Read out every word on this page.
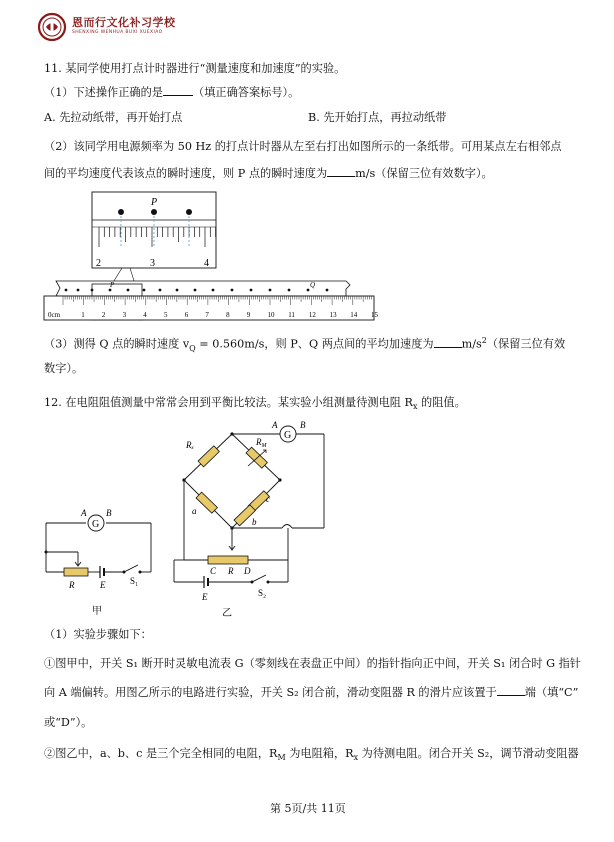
恩而行文化补习学校
SHENXING WENHUA BUXI XUEXIAO
11. 某同学使用打点计时器进行“测量速度和加速度”的实验。
（1）下述操作正确的是	（填正确答案标号）。
A. 先拉动纸带，再开始打点	B. 先开始打点，再拉动纸带
（2）该同学用电源频率为 50 Hz 的打点计时器从左至右打出如图所示的一条纸带。可用某点左右相邻点
间的平均速度代表该点的瞬时速度，则 P 点的瞬时速度为	m/s（保留三位有效数字）。
P
2	3	4
P	Q
0cm	1 2 3 4 5 6 7 8 9 10 11 12 13 14 15
（3）测得 Q 点的瞬时速度 $v_Q = 0.560m/s$，则 P、Q 两点间的平均加速度为	$m/s^2$（保留三位有效
数字）。
12. 在电阻阻值测量中常常会用到平衡比较法。某实验小组测量待测电阻 $R_x$ 的阻值。
G
A B
R	E	S₁
甲
G
A	B
Rₓ	$R_M$
a
b
c
C R D
E	S₂
乙
（1）实验步骤如下：
①图甲中，开关 S₁ 断开时灵敏电流表 G（零刻线在表盘正中间）的指针指向正中间，开关 S₁ 闭合时 G 指针
向 A 端偏转。用图乙所示的电路进行实验，开关 S₂ 闭合前，滑动变阻器 R 的滑片应该置于	端（填“C”
或“D”）。
②图乙中，a、b、c 是三个完全相同的电阻，$R_M$ 为电阻箱，$R_x$ 为待测电阻。闭合开关 S₂，调节滑动变阻器
第 5页/共 11页
